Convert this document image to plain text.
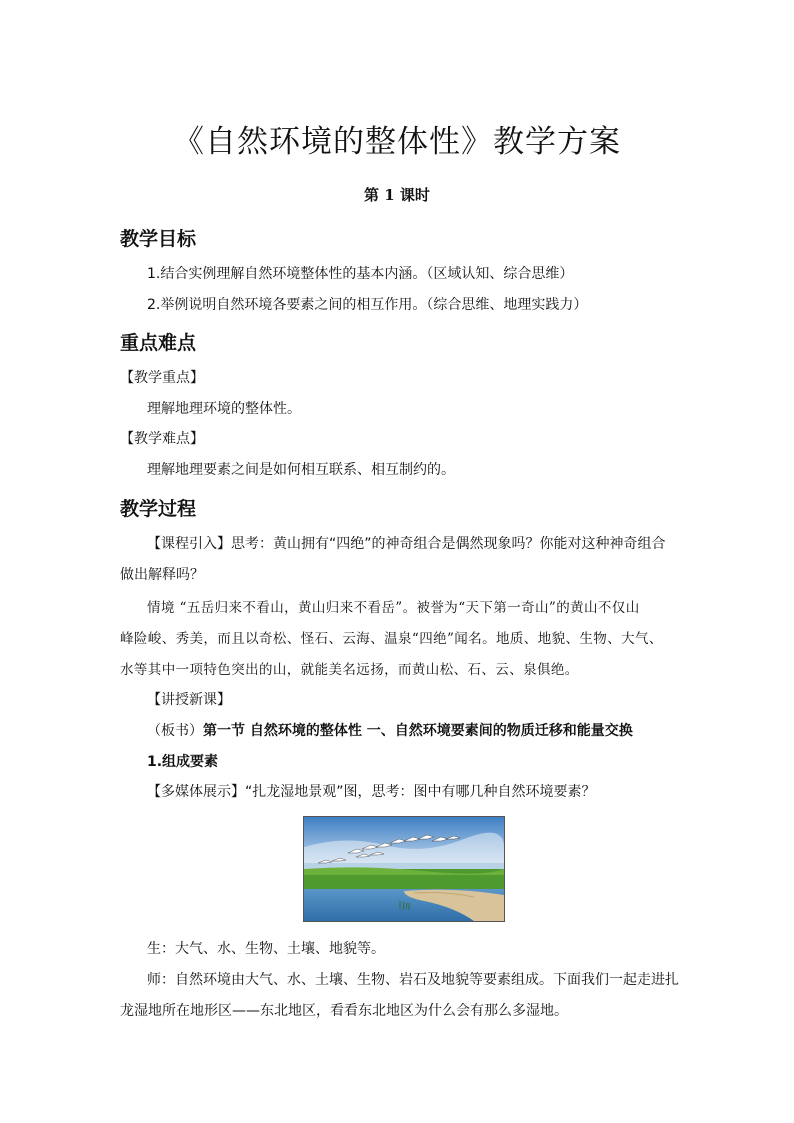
《自然环境的整体性》教学方案
第 1 课时
教学目标
1.结合实例理解自然环境整体性的基本内涵。（区域认知、综合思维）
2.举例说明自然环境各要素之间的相互作用。（综合思维、地理实践力）
重点难点
【教学重点】
理解地理环境的整体性。
【教学难点】
理解地理要素之间是如何相互联系、相互制约的。
教学过程
【课程引入】思考：黄山拥有“四绝”的神奇组合是偶然现象吗？你能对这种神奇组合
做出解释吗？
情境 “五岳归来不看山，黄山归来不看岳”。被誉为“天下第一奇山”的黄山不仅山
峰险峻、秀美，而且以奇松、怪石、云海、温泉“四绝”闻名。地质、地貌、生物、大气、
水等其中一项特色突出的山，就能美名远扬，而黄山松、石、云、泉俱绝。
【讲授新课】
（板书）第一节 自然环境的整体性 一、自然环境要素间的物质迁移和能量交换
1.组成要素
【多媒体展示】“扎龙湿地景观”图，思考：图中有哪几种自然环境要素？
生：大气、水、生物、土壤、地貌等。
师：自然环境由大气、水、土壤、生物、岩石及地貌等要素组成。下面我们一起走进扎
龙湿地所在地形区——东北地区，看看东北地区为什么会有那么多湿地。
